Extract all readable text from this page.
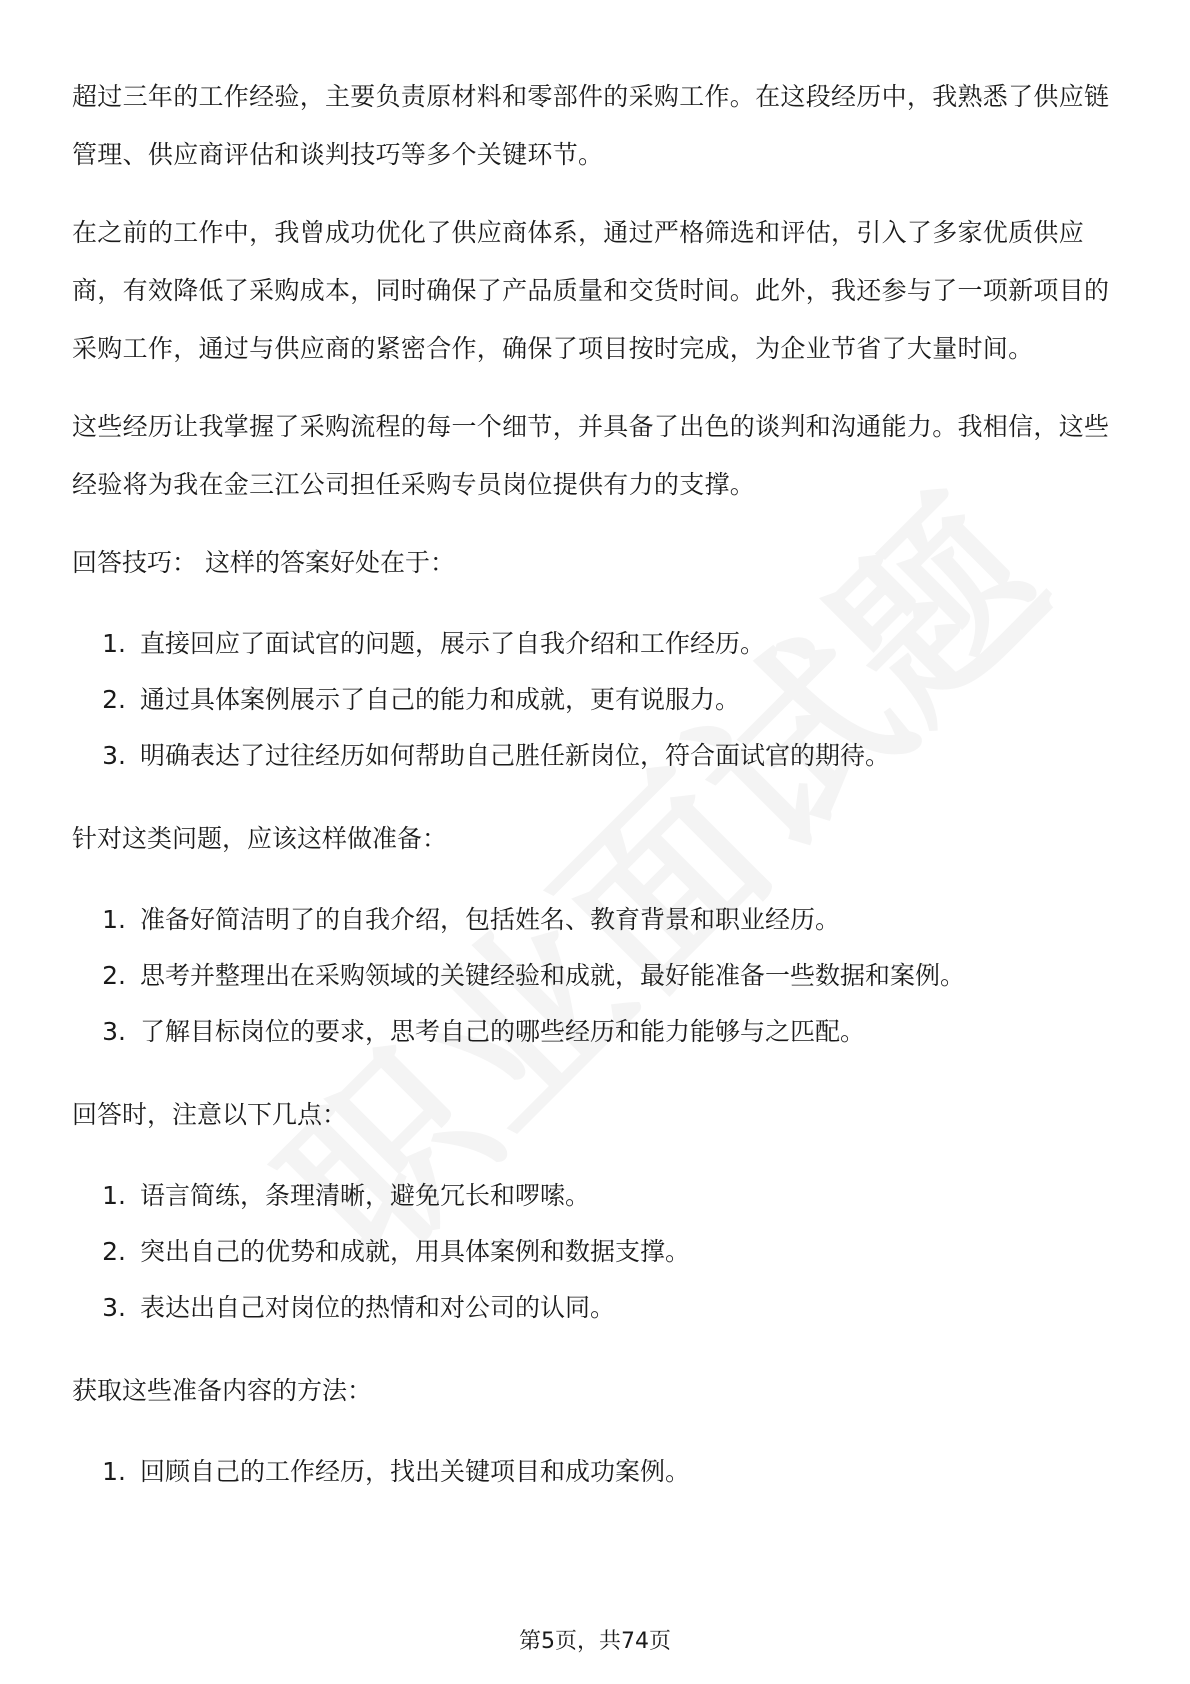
超过三年的工作经验，主要负责原材料和零部件的采购工作。在这段经历中，我熟悉了供应链管理、供应商评估和谈判技巧等多个关键环节。

在之前的工作中，我曾成功优化了供应商体系，通过严格筛选和评估，引入了多家优质供应商，有效降低了采购成本，同时确保了产品质量和交货时间。此外，我还参与了一项新项目的采购工作，通过与供应商的紧密合作，确保了项目按时完成，为企业节省了大量时间。

这些经历让我掌握了采购流程的每一个细节，并具备了出色的谈判和沟通能力。我相信，这些经验将为我在金三江公司担任采购专员岗位提供有力的支撑。

回答技巧： 这样的答案好处在于：

1. 直接回应了面试官的问题，展示了自我介绍和工作经历。
2. 通过具体案例展示了自己的能力和成就，更有说服力。
3. 明确表达了过往经历如何帮助自己胜任新岗位，符合面试官的期待。

针对这类问题，应该这样做准备：

1. 准备好简洁明了的自我介绍，包括姓名、教育背景和职业经历。
2. 思考并整理出在采购领域的关键经验和成就，最好能准备一些数据和案例。
3. 了解目标岗位的要求，思考自己的哪些经历和能力能够与之匹配。

回答时，注意以下几点：

1. 语言简练，条理清晰，避免冗长和啰嗦。
2. 突出自己的优势和成就，用具体案例和数据支撑。
3. 表达出自己对岗位的热情和对公司的认同。

获取这些准备内容的方法：

1. 回顾自己的工作经历，找出关键项目和成功案例。
第5页，共74页
